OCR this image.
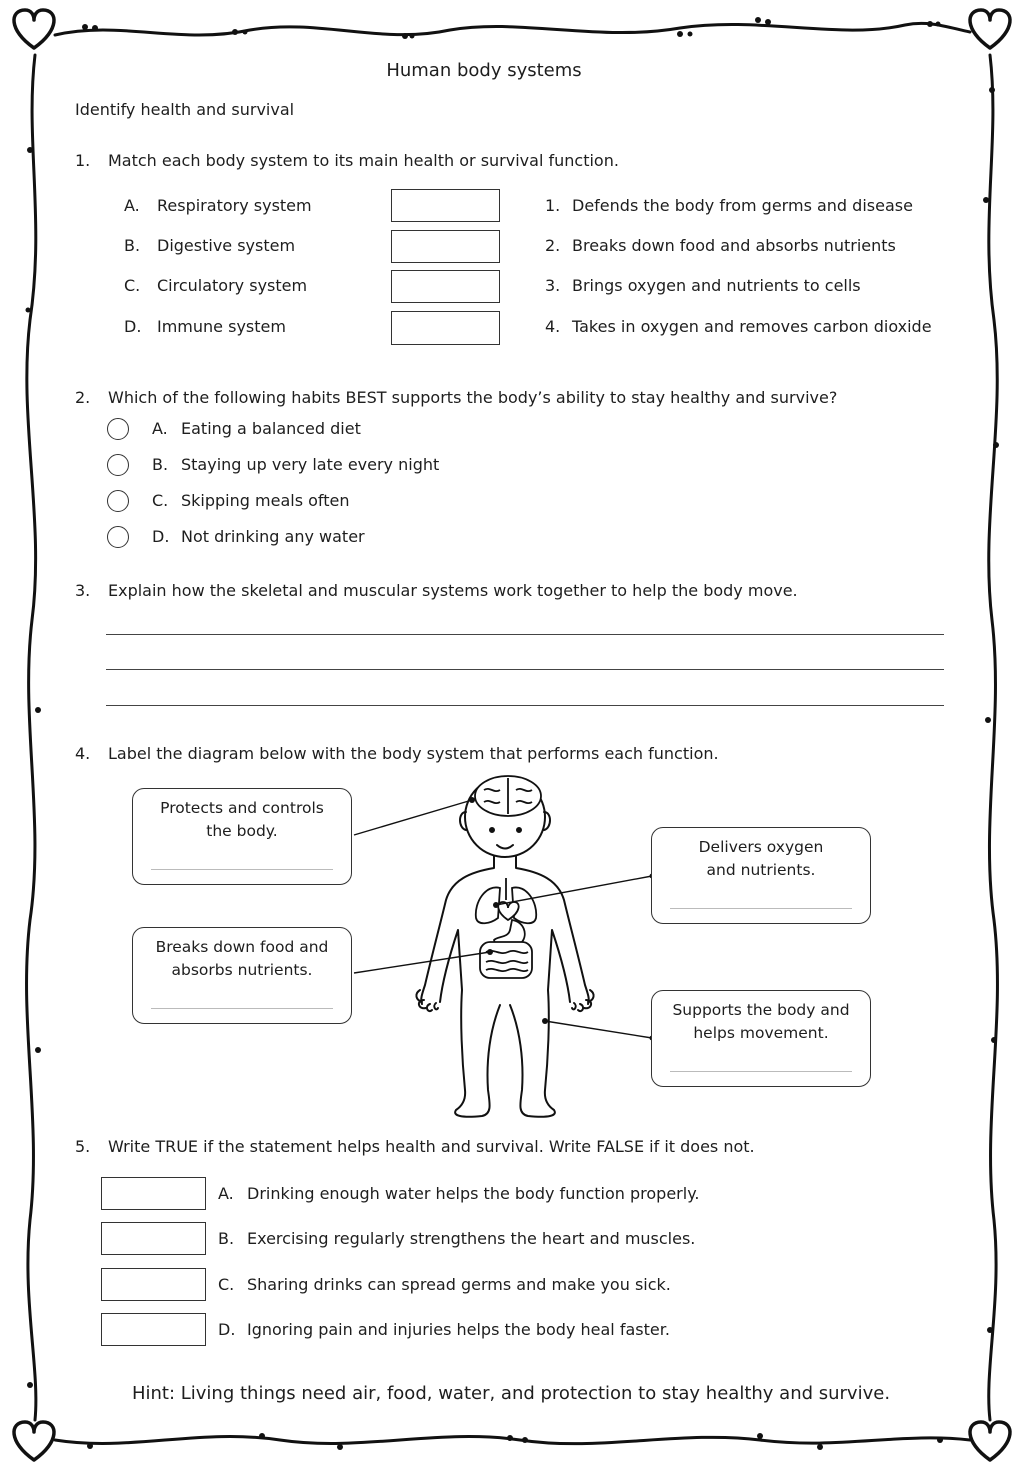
Human body systems
Identify health and survival
1. Match each body system to its main health or survival function.
A. Respiratory system	1. Defends the body from germs and disease
B. Digestive system	2. Breaks down food and absorbs nutrients
C. Circulatory system	3. Brings oxygen and nutrients to cells
D. Immune system	4. Takes in oxygen and removes carbon dioxide
2. Which of the following habits BEST supports the body’s ability to stay healthy and survive?
A. Eating a balanced diet
B. Staying up very late every night
C. Skipping meals often
D. Not drinking any water
3. Explain how the skeletal and muscular systems work together to help the body move.
4. Label the diagram below with the body system that performs each function.
Protects and controls
the body.
Delivers oxygen
and nutrients.
Breaks down food and
absorbs nutrients.
Supports the body and
helps movement.
5. Write TRUE if the statement helps health and survival. Write FALSE if it does not.
A. Drinking enough water helps the body function properly.
B. Exercising regularly strengthens the heart and muscles.
C. Sharing drinks can spread germs and make you sick.
D. Ignoring pain and injuries helps the body heal faster.
Hint: Living things need air, food, water, and protection to stay healthy and survive.
